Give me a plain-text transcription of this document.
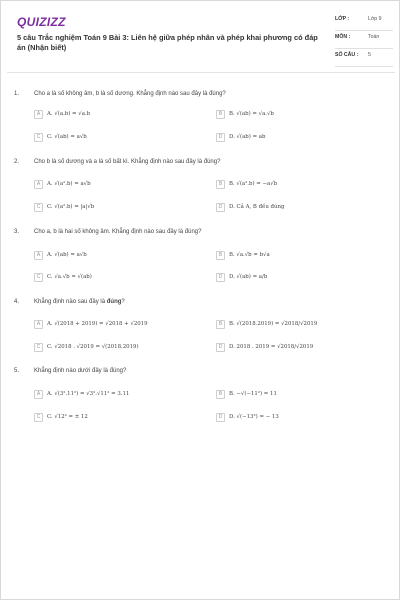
QUIZIZZ
5 câu Trắc nghiệm Toán 9 Bài 3: Liên hệ giữa phép nhân và phép khai phương có đáp án (Nhận biết)
LỚP :	Lớp 9
MÔN :	Toán
SỐ CÂU :	5
1. Cho a là số không âm, b là số dương. Khẳng định nào sau đây là đúng?
A	A. √(a.b) = √a.b	B	B. √(ab) = √a.√b
C	C. √(ab) = a√b	D	D. √(ab) = ab
2. Cho b là số dương và a là số bất kì. Khẳng định nào sau đây là đúng?
A	A. √(a².b) = a√b	B	B. √(a².b) = −a√b
C	C. √(a².b) = |a|√b	D	D. Cả A, B đều đúng
3. Cho a, b là hai số không âm. Khẳng định nào sau đây là đúng?
A	A. √(ab) = a√b	B	B. √a.√b = b√a
C	C. √a.√b = √(ab)	D	D. √(ab) = a/b
4. Khẳng định nào sau đây là đúng?
A	A. √(2018 + 2019) = √2018 + √2019	B	B. √(2018.2019) = √2018/√2019
C	C. √2018 . √2019 = √(2018.2019)	D	D. 2018 . 2019 = √2018/√2019
5. Khẳng định nào dưới đây là đúng?
A	A. √(3².11²) = √3².√11² = 3.11	B	B. −√(−11²) = 11
C	C. √12² = ± 12	D	D. √(−13²) = − 13
